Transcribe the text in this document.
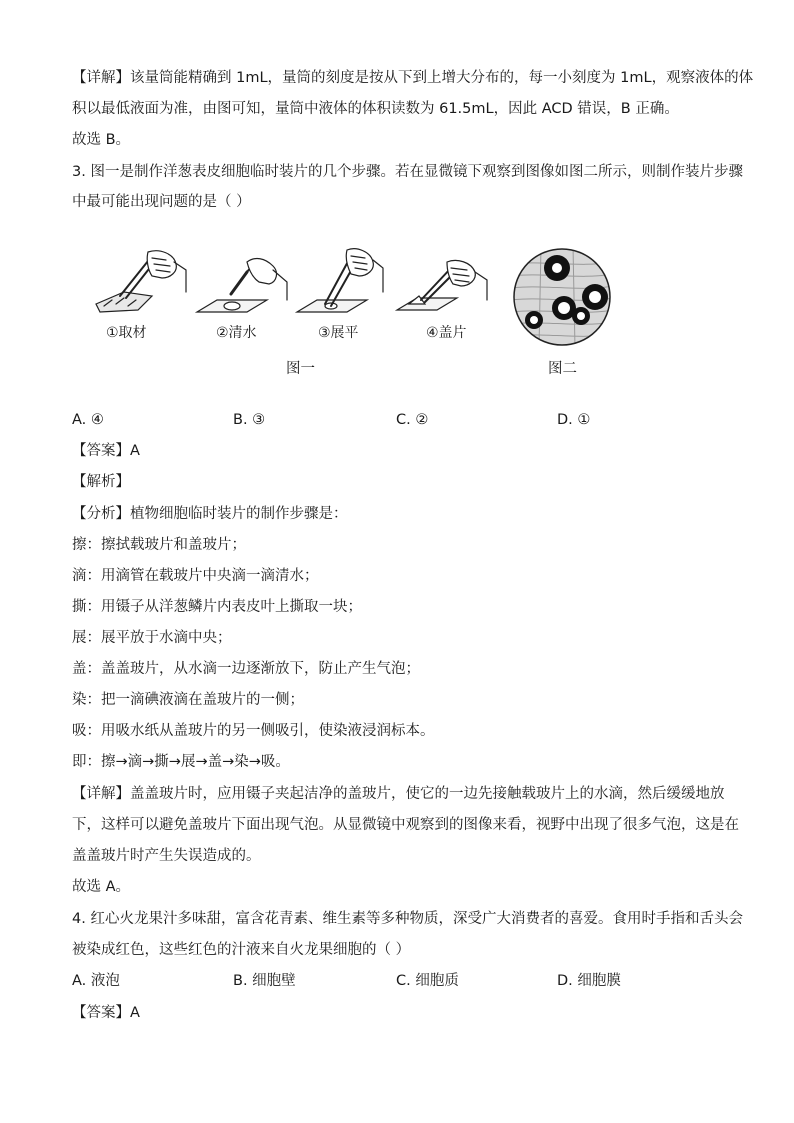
【详解】该量筒能精确到 1mL，量筒的刻度是按从下到上增大分布的，每一小刻度为 1mL，观察液体的体
积以最低液面为准，由图可知，量筒中液体的体积读数为 61.5mL，因此 ACD 错误，B 正确。
故选 B。
3. 图一是制作洋葱表皮细胞临时装片的几个步骤。若在显微镜下观察到图像如图二所示，则制作装片步骤
中最可能出现问题的是（ ）
①取材	②清水	③展平	④盖片
图一	图二
A. ④	B. ③	C. ②	D. ①
【答案】A
【解析】
【分析】植物细胞临时装片的制作步骤是：
擦：擦拭载玻片和盖玻片；
滴：用滴管在载玻片中央滴一滴清水；
撕：用镊子从洋葱鳞片内表皮叶上撕取一块；
展：展平放于水滴中央；
盖：盖盖玻片，从水滴一边逐渐放下，防止产生气泡；
染：把一滴碘液滴在盖玻片的一侧；
吸：用吸水纸从盖玻片的另一侧吸引，使染液浸润标本。
即：擦→滴→撕→展→盖→染→吸。
【详解】盖盖玻片时，应用镊子夹起洁净的盖玻片，使它的一边先接触载玻片上的水滴，然后缓缓地放
下，这样可以避免盖玻片下面出现气泡。从显微镜中观察到的图像来看，视野中出现了很多气泡，这是在
盖盖玻片时产生失误造成的。
故选 A。
4. 红心火龙果汁多味甜，富含花青素、维生素等多种物质，深受广大消费者的喜爱。食用时手指和舌头会
被染成红色，这些红色的汁液来自火龙果细胞的（ ）
A. 液泡	B. 细胞壁	C. 细胞质	D. 细胞膜
【答案】A
